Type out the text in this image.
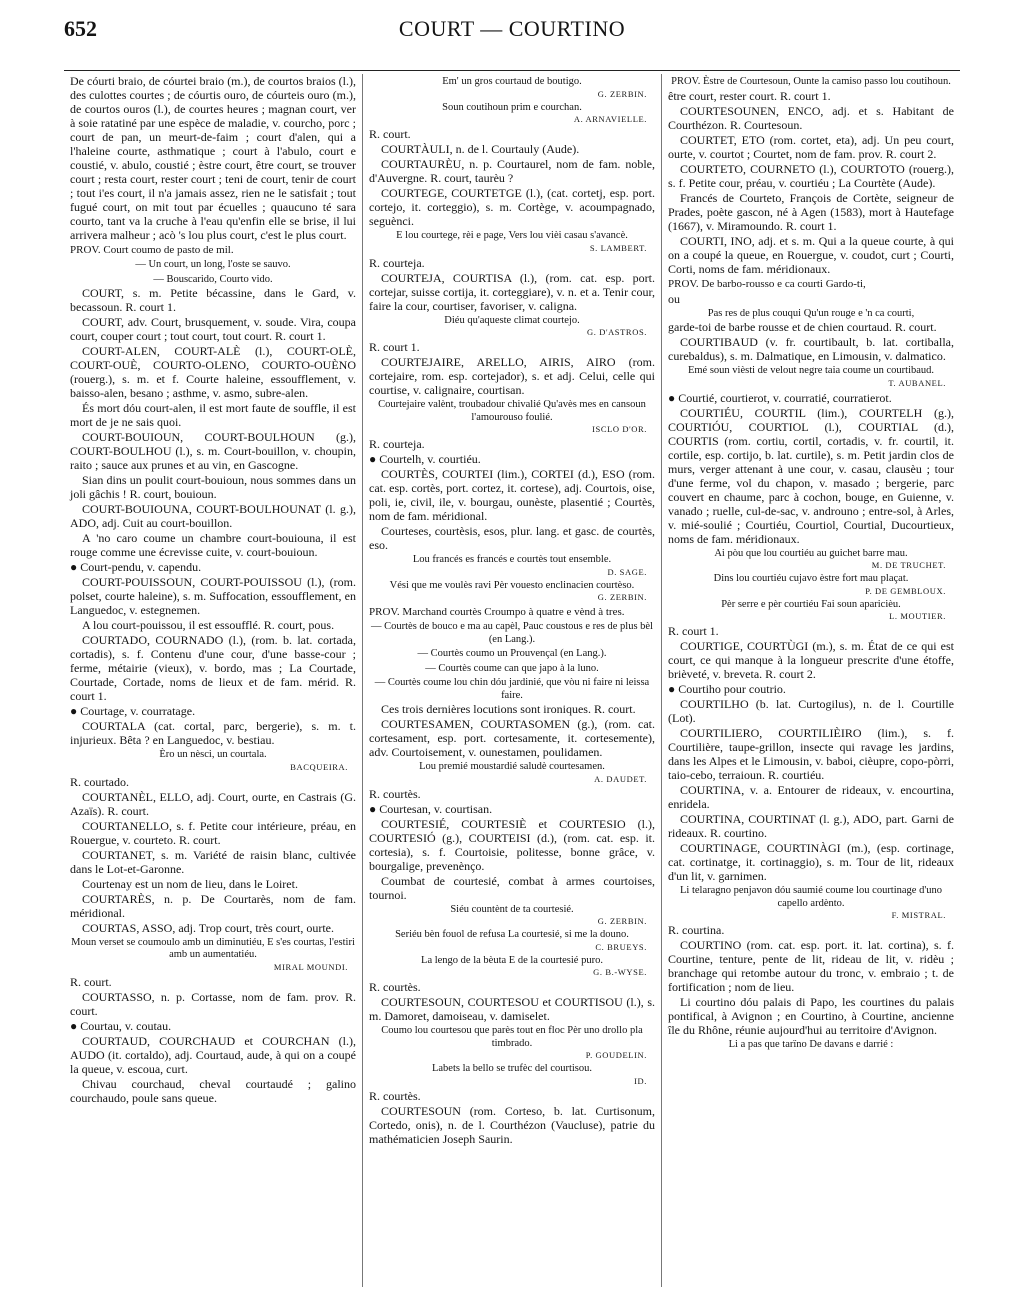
652	COURT — COURTINO

De cóurti braio, de cóurtei braio (m.), de courtos braios (l.), des culottes courtes ; de cóurtis ouro, de cóurteis ouro (m.), de courtos ouros (l.), de courtes heures ; magnan court, ver à soie ratatiné par une espèce de maladie, v. courcho, porc ; court de pan, un meurt-de-faim ; court d'alen, qui a l'haleine courte, asthmatique ; court à l'abulo, court e coustié, v. abulo, coustié ; èstre court, être court, se trouver court ; resta court, rester court ; teni de court, tenir de court ; tout i'es court, il n'a jamais assez, rien ne le satisfait ; tout fugué court, on mit tout par écuelles ; quaucuno té sara courto, tant va la cruche à l'eau qu'enfin elle se brise, il lui arrivera malheur ; acò 's lou plus court, c'est le plus court.

PROV. Court coumo de pasto de mil.

— Un court, un long, l'oste se sauvo.

— Bouscarido, Courto vido.

COURT, s. m. Petite bécassine, dans le Gard, v. becassoun. R. court 1.

COURT, adv. Court, brusquement, v. soude. Vira, coupa court, couper court ; tout court, tout court. R. court 1.

COURT-ALEN, COURT-ALÈ (l.), COURT-OLÈ, COURT-OUÈ, COURTO-OLENO, COURTO-OUÈNO (rouerg.), s. m. et f. Courte haleine, essoufflement, v. baisso-alen, besano ; asthme, v. asmo, subre-alen.

És mort dóu court-alen, il est mort faute de souffle, il est mort de je ne sais quoi.

COURT-BOUIOUN, COURT-BOULHOUN (g.), COURT-BOULHOU (l.), s. m. Court-bouillon, v. choupin, raito ; sauce aux prunes et au vin, en Gascogne.

Sian dins un poulit court-bouioun, nous sommes dans un joli gâchis ! R. court, bouioun.

COURT-BOUIOUNA, COURT-BOULHOUNAT (l. g.), ADO, adj. Cuit au court-bouillon.

A 'no caro coume un chambre court-bouiouna, il est rouge comme une écrevisse cuite, v. court-bouioun.

● Court-pendu, v. capendu.

COURT-POUISSOUN, COURT-POUISSOU (l.), (rom. polset, courte haleine), s. m. Suffocation, essoufflement, en Languedoc, v. estegnemen.

A lou court-pouissou, il est essoufflé. R. court, pous.

COURTADO, COURNADO (l.), (rom. b. lat. cortada, cortadis), s. f. Contenu d'une cour, d'une basse-cour ; ferme, métairie (vieux), v. bordo, mas ; La Courtade, Courtade, Cortade, noms de lieux et de fam. mérid. R. court 1.

● Courtage, v. courratage.

COURTALA (cat. cortal, parc, bergerie), s. m. t. injurieux. Bêta ? en Languedoc, v. bestiau.

Èro un nèsci, un courtala.

BACQUEIRA.

R. courtado.

COURTANÈL, ELLO, adj. Court, ourte, en Castrais (G. Azaïs). R. court.

COURTANELLO, s. f. Petite cour intérieure, préau, en Rouergue, v. courteto. R. court.

COURTANET, s. m. Variété de raisin blanc, cultivée dans le Lot-et-Garonne.

Courtenay est un nom de lieu, dans le Loiret.

COURTARÈS, n. p. De Courtarès, nom de fam. méridional.

COURTAS, ASSO, adj. Trop court, très court, ourte.

Moun verset se coumoulo amb un diminutiéu, E s'es courtas, l'estiri amb un aumentatiéu.

MIRAL MOUNDI.

R. court.

COURTASSO, n. p. Cortasse, nom de fam. prov. R. court.

● Courtau, v. coutau.

COURTAUD, COURCHAUD et COURCHAN (l.), AUDO (it. cortaldo), adj. Courtaud, aude, à qui on a coupé la queue, v. escoua, curt.

Chivau courchaud, cheval courtaudé ; galino courchaudo, poule sans queue.

Em' un gros courtaud de boutigo.

G. ZERBIN.

Soun coutihoun prim e courchan.

A. ARNAVIELLE.

R. court.

COURTÀULI, n. de l. Courtauly (Aude).

COURTAURÈU, n. p. Courtaurel, nom de fam. noble, d'Auvergne. R. court, taurèu ?

COURTEGE, COURTETGE (l.), (cat. cortetj, esp. port. cortejo, it. corteggio), s. m. Cortège, v. acoumpagnado, seguènci.

E lou courtege, rèi e page, Vers lou vièi casau s'avancè.

S. LAMBERT.

R. courteja.

COURTEJA, COURTISA (l.), (rom. cat. esp. port. cortejar, suisse cortija, it. corteggiare), v. n. et a. Tenir cour, faire la cour, courtiser, favoriser, v. caligna.

Diéu qu'aqueste climat courtejo.

G. D'ASTROS.

R. court 1.

COURTEJAIRE, ARELLO, AIRIS, AIRO (rom. cortejaire, rom. esp. cortejador), s. et adj. Celui, celle qui courtise, v. calignaire, courtisan.

Courtejaire valènt, troubadour chivalié Qu'avès mes en cansoun l'amourouso foulié.

ISCLO D'OR.

R. courteja.

● Courtelh, v. courtiéu.

COURTÈS, COURTEI (lim.), CORTEI (d.), ESO (rom. cat. esp. cortès, port. cortez, it. cortese), adj. Courtois, oise, poli, ie, civil, ile, v. bourgau, ounèste, plasentié ; Courtès, nom de fam. méridional.

Courteses, courtèsis, esos, plur. lang. et gasc. de courtès, eso.

Lou francés es francés e courtès tout ensemble.

D. SAGE.

Vési que me voulès ravi Pèr vouesto enclinacien courtèso.

G. ZERBIN.

PROV. Marchand courtès Croumpo à quatre e vènd à tres.

— Courtès de bouco e ma au capèl, Pauc coustous e res de plus bèl (en Lang.).

— Courtès coumo un Prouvençal (en Lang.).

— Courtès coume can que japo à la luno.

— Courtès coume lou chin dóu jardinié, que vòu ni faire ni leissa faire.

Ces trois dernières locutions sont ironiques. R. court.

COURTESAMEN, COURTASOMEN (g.), (rom. cat. cortesament, esp. port. cortesamente, it. cortesemente), adv. Courtoisement, v. ounestamen, poulidamen.

Lou premié moustardié saludè courtesamen.

A. DAUDET.

R. courtès.

● Courtesan, v. courtisan.

COURTESIÉ, COURTESIÈ et COURTESIO (l.), COURTESIÓ (g.), COURTEISI (d.), (rom. cat. esp. it. cortesia), s. f. Courtoisie, politesse, bonne grâce, v. bourgalige, prevenènço.

Coumbat de courtesié, combat à armes courtoises, tournoi.

Siéu countènt de ta courtesié.

G. ZERBIN.

Seriéu bèn fouol de refusa La courtesié, si me la douno.

C. BRUEYS.

La lengo de la bèuta E de la courtesié puro.

G. B.-WYSE.

R. courtès.

COURTESOUN, COURTESOU et COURTISOU (l.), s. m. Damoret, damoiseau, v. damiselet.

Coumo lou courtesou que parès tout en floc Pèr uno drollo pla timbrado.

P. GOUDELIN.

Labets la bello se trufèc del courtisou.

ID.

R. courtès.

COURTESOUN (rom. Corteso, b. lat. Curtisonum, Cortedo, onis), n. de l. Courthézon (Vaucluse), patrie du mathématicien Joseph Saurin.

PROV. Èstre de Courtesoun, Ounte la camiso passo lou coutihoun.

être court, rester court. R. court 1.

COURTESOUNEN, ENCO, adj. et s. Habitant de Courthézon. R. Courtesoun.

COURTET, ETO (rom. cortet, eta), adj. Un peu court, ourte, v. courtot ; Courtet, nom de fam. prov. R. court 2.

COURTETO, COURNETO (l.), COURTOTO (rouerg.), s. f. Petite cour, préau, v. courtiéu ; La Courtète (Aude).

Francés de Courteto, François de Cortète, seigneur de Prades, poète gascon, né à Agen (1583), mort à Hautefage (1667), v. Miramoundo. R. court 1.

COURTI, INO, adj. et s. m. Qui a la queue courte, à qui on a coupé la queue, en Rouergue, v. coudot, curt ; Courti, Corti, noms de fam. méridionaux.

PROV. De barbo-rousso e ca courti Gardo-ti,

ou

Pas res de plus couqui Qu'un rouge e 'n ca courti,

garde-toi de barbe rousse et de chien courtaud. R. court.

COURTIBAUD (v. fr. courtibault, b. lat. cortiballa, curebaldus), s. m. Dalmatique, en Limousin, v. dalmatico.

Emé soun vièsti de velout negre taia coume un courtibaud.

T. AUBANEL.

● Courtié, courtierot, v. courratié, courratierot.

COURTIÉU, COURTIL (lim.), COURTELH (g.), COURTIÓU, COURTIOL (l.), COURTIAL (d.), COURTIS (rom. cortiu, cortil, cortadis, v. fr. courtil, it. cortile, esp. cortijo, b. lat. curtile), s. m. Petit jardin clos de murs, verger attenant à une cour, v. casau, clausèu ; tour d'une ferme, vol du chapon, v. masado ; bergerie, parc couvert en chaume, parc à cochon, bouge, en Guienne, v. vanado ; ruelle, cul-de-sac, v. androuno ; entre-sol, à Arles, v. mié-soulié ; Courtiéu, Courtiol, Courtial, Ducourtieux, noms de fam. méridionaux.

Ai pòu que lou courtiéu au guichet barre mau.

M. DE TRUCHET.

Dins lou courtiéu cujavo èstre fort mau plaçat.

P. DE GEMBLOUX.

Pèr serre e pèr courtiéu Fai soun aparicièu.

L. MOUTIER.

R. court 1.

COURTIGE, COURTÙGI (m.), s. m. État de ce qui est court, ce qui manque à la longueur prescrite d'une étoffe, brièveté, v. breveta. R. court 2.

● Courtiho pour coutrio.

COURTILHO (b. lat. Curtogilus), n. de l. Courtille (Lot).

COURTILIERO, COURTILIÈIRO (lim.), s. f. Courtilière, taupe-grillon, insecte qui ravage les jardins, dans les Alpes et le Limousin, v. baboi, cièupre, copo-pòrri, taio-cebo, terraioun. R. courtiéu.

COURTINA, v. a. Entourer de rideaux, v. encourtina, enridela.

COURTINA, COURTINAT (l. g.), ADO, part. Garni de rideaux. R. courtino.

COURTINAGE, COURTINÀGI (m.), (esp. cortinage, cat. cortinatge, it. cortinaggio), s. m. Tour de lit, rideaux d'un lit, v. garnimen.

Li telaragno penjavon dóu saumié coume lou courtinage d'uno capello ardènto.

F. MISTRAL.

R. courtina.

COURTINO (rom. cat. esp. port. it. lat. cortina), s. f. Courtine, tenture, pente de lit, rideau de lit, v. ridèu ; branchage qui retombe autour du tronc, v. embraio ; t. de fortification ; nom de lieu.

Li courtino dóu palais di Papo, les courtines du palais pontifical, à Avignon ; en Courtino, à Courtine, ancienne île du Rhône, réunie aujourd'hui au territoire d'Avignon.

Li a pas que tarïno De davans e darrié :
